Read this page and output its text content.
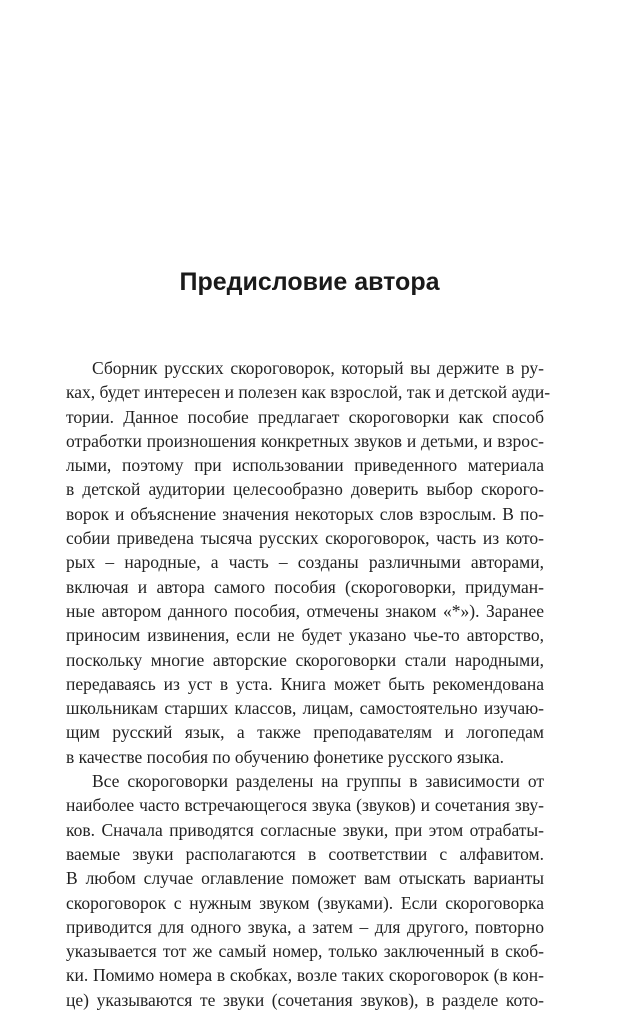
Предисловие автора

Сборник русских скороговорок, который вы держите в ру-
ках, будет интересен и полезен как взрослой, так и детской ауди-
тории. Данное пособие предлагает скороговорки как способ
отработки произношения конкретных звуков и детьми, и взрос-
лыми, поэтому при использовании приведенного материала
в детской аудитории целесообразно доверить выбор скорого-
ворок и объяснение значения некоторых слов взрослым. В по-
собии приведена тысяча русских скороговорок, часть из кото-
рых – народные, а часть – созданы различными авторами,
включая и автора самого пособия (скороговорки, придуман-
ные автором данного пособия, отмечены знаком «*»). Заранее
приносим извинения, если не будет указано чье-то авторство,
поскольку многие авторские скороговорки стали народными,
передаваясь из уст в уста. Книга может быть рекомендована
школьникам старших классов, лицам, самостоятельно изучаю-
щим русский язык, а также преподавателям и логопедам
в качестве пособия по обучению фонетике русского языка.

Все скороговорки разделены на группы в зависимости от
наиболее часто встречающегося звука (звуков) и сочетания зву-
ков. Сначала приводятся согласные звуки, при этом отрабаты-
ваемые звуки располагаются в соответствии с алфавитом.
В любом случае оглавление поможет вам отыскать варианты
скороговорок с нужным звуком (звуками). Если скороговорка
приводится для одного звука, а затем – для другого, повторно
указывается тот же самый номер, только заключенный в скоб-
ки. Помимо номера в скобках, возле таких скороговорок (в кон-
це) указываются те звуки (сочетания звуков), в разделе кото-
